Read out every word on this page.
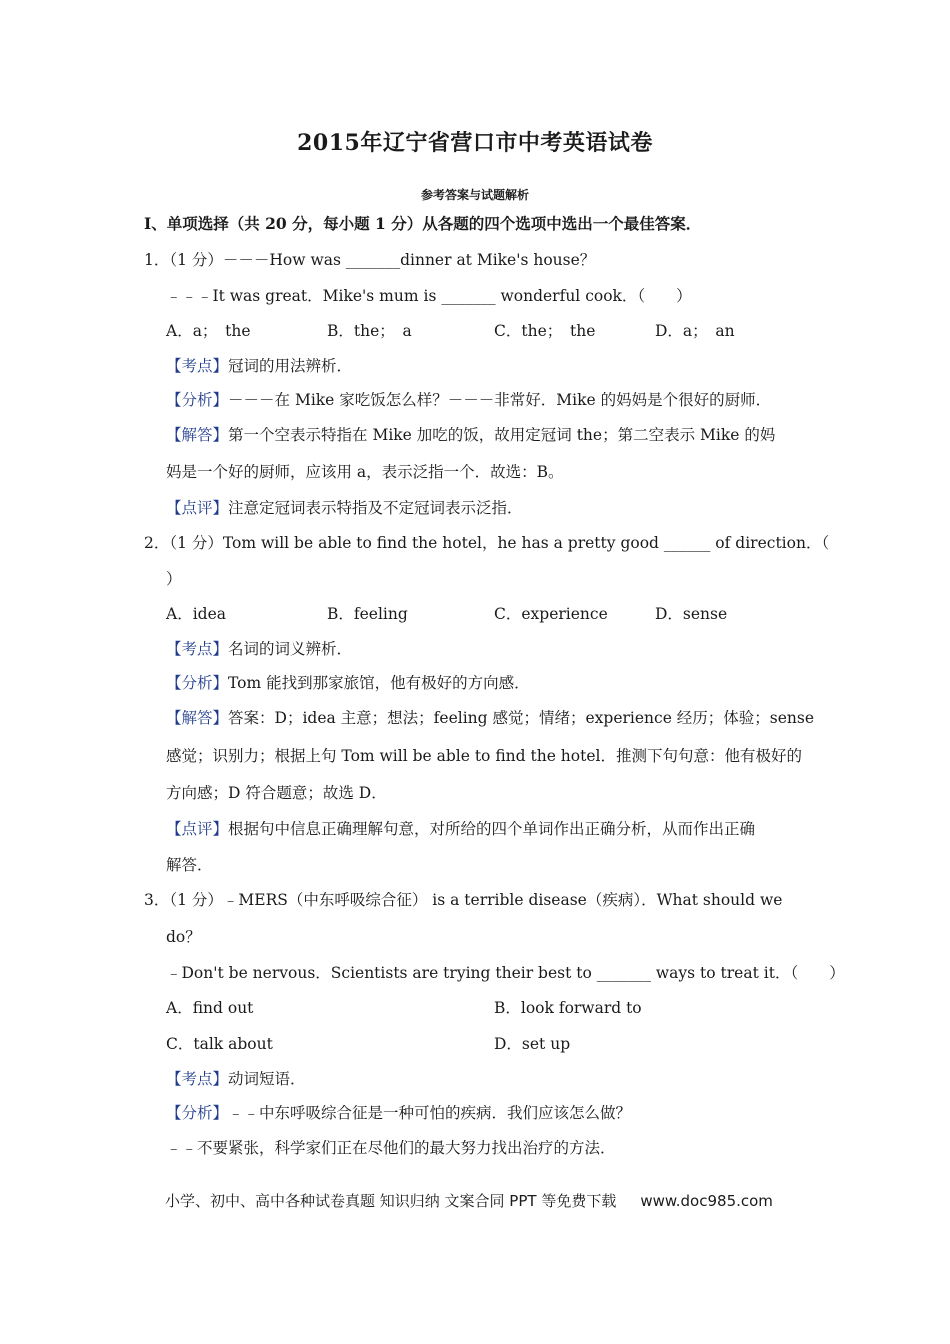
2015年辽宁省营口市中考英语试卷
参考答案与试题解析
I、单项选择（共 20 分，每小题 1 分）从各题的四个选项中选出一个最佳答案．
1．（1 分）－－－How was _______dinner at Mike's house？
﹣﹣﹣It was great．Mike's mum is _______ wonderful cook．（　　）
A．a；　the	B．the；　a	C．the；　the	D．a；　an
【考点】冠词的用法辨析．
【分析】－－－在 Mike 家吃饭怎么样？－－－非常好．Mike 的妈妈是个很好的厨师．
【解答】第一个空表示特指在 Mike 加吃的饭，故用定冠词 the；第二空表示 Mike 的妈
妈是一个好的厨师，应该用 a，表示泛指一个．故选：B。
【点评】注意定冠词表示特指及不定冠词表示泛指．
2．（1 分）Tom will be able to find the hotel，he has a pretty good ______ of direction．（
）
A．idea	B．feeling	C．experience	D．sense
【考点】名词的词义辨析．
【分析】Tom 能找到那家旅馆，他有极好的方向感．
【解答】答案：D；idea 主意；想法；feeling 感觉；情绪；experience 经历；体验；sense
感觉；识别力；根据上句 Tom will be able to find the hotel．推测下句句意：他有极好的
方向感；D 符合题意；故选 D．
【点评】根据句中信息正确理解句意，对所给的四个单词作出正确分析，从而作出正确
解答．
3．（1 分）﹣MERS（中东呼吸综合征） is a terrible disease（疾病）．What should we
do？
﹣Don't be nervous．Scientists are trying their best to _______ ways to treat it．（　　）
A．find out	B．look forward to
C．talk about	D．set up
【考点】动词短语．
【分析】﹣﹣中东呼吸综合征是一种可怕的疾病．我们应该怎么做？
﹣﹣不要紧张，科学家们正在尽他们的最大努力找出治疗的方法．
小学、初中、高中各种试卷真题 知识归纳 文案合同 PPT 等免费下载 www.doc985.com
